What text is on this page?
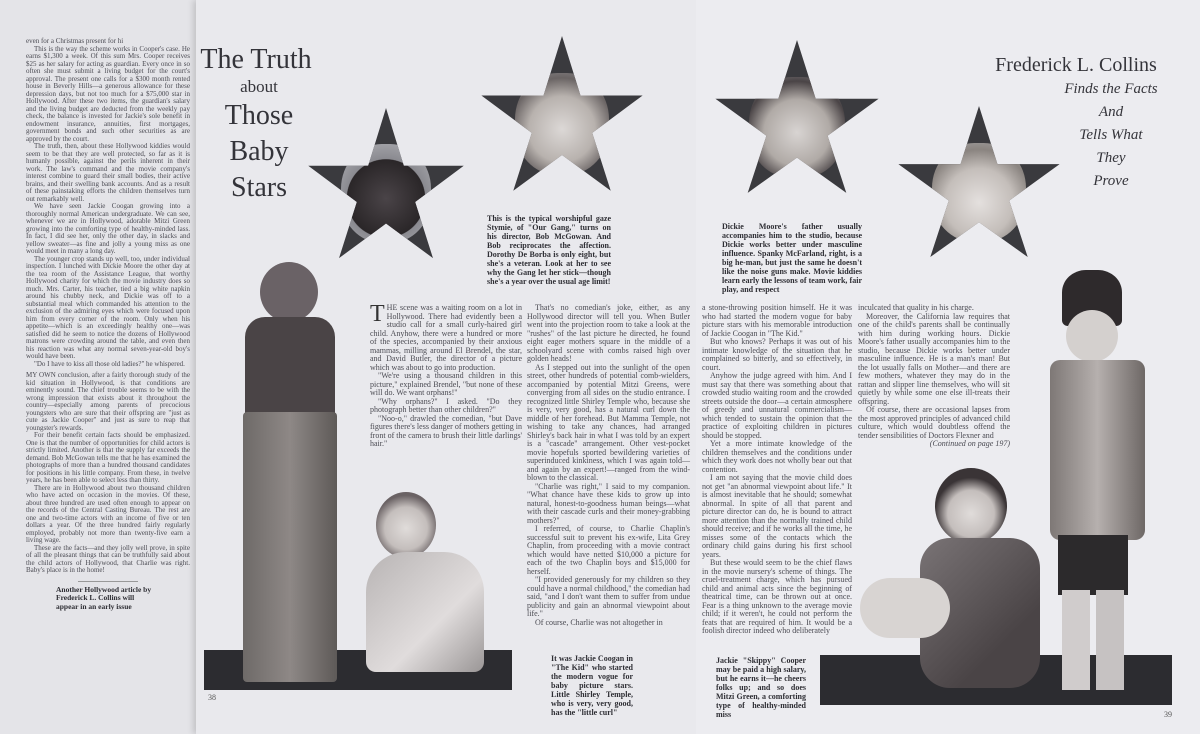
even for a Christmas present for hi

This is the way the scheme works in Cooper's case. He earns $1,300 a week. Of this sum Mrs. Cooper receives $25 as her salary for acting as guardian. Every once in so often she must submit a living budget for the court's approval. The present one calls for a $300 month rented house in Beverly Hills—a generous allowance for these depression days, but not too much for a $75,000 star in Hollywood. After these two items, the guardian's salary and the living budget are deducted from the weekly pay check, the balance is invested for Jackie's sole benefit in endowment insurance, annuities, first mortgages, government bonds and such other securities as are approved by the court.

The truth, then, about these Hollywood kiddies would seem to be that they are well protected, so far as it is humanly possible, against the perils inherent in their work. The law's command and the movie company's interest combine to guard their small bodies, their active brains, and their swelling bank accounts. And as a result of these painstaking efforts the children themselves turn out remarkably well.

We have seen Jackie Coogan growing into a thoroughly normal American undergraduate. We can see, whenever we are in Hollywood, adorable Mitzi Green growing into the comforting type of healthy-minded lass. In fact, I did see her, only the other day, in slacks and yellow sweater—as fine and jolly a young miss as one would meet in many a long day.

The younger crop stands up well, too, under individual inspection. I lunched with Dickie Moore the other day at the tea room of the Assistance League, that worthy Hollywood charity for which the movie industry does so much. Mrs. Carter, his teacher, tied a big white napkin around his chubby neck, and Dickie was off to a substantial meal which commanded his attention to the exclusion of the admiring eyes which were focused upon him from every corner of the room. Only when his appetite—which is an exceedingly healthy one—was satisfied did he seem to notice the dozens of Hollywood matrons were crowding around the table, and even then his reaction was what any normal seven-year-old boy's would have been.

"Do I have to kiss all those old ladies?" he whispered.

MY OWN conclusion, after a fairly thorough study of the kid situation in Hollywood, is that conditions are eminently sound. The chief trouble seems to be with the wrong impression that exists about it throughout the country—especially among parents of precocious youngsters who are sure that their offspring are "just as cute as Jackie Cooper" and just as sure to reap that youngster's rewards.

For their benefit certain facts should be emphasized. One is that the number of opportunities for child actors is strictly limited. Another is that the supply far exceeds the demand. Bob McGowan tells me that he has examined the photographs of more than a hundred thousand candidates for positions in his little company. From these, in twelve years, he has been able to select less than thirty.

There are in Hollywood about two thousand children who have acted on occasion in the movies. Of these, about three hundred are used often enough to appear on the records of the Central Casting Bureau. The rest are one and two-time actors with an income of five or ten dollars a year. Of the three hundred fairly regularly employed, probably not more than twenty-five earn a living wage.

These are the facts—and they jolly well prove, in spite of all the pleasant things that can be truthfully said about the child actors of Hollywood, that Charlie was right. Baby's place is in the home!

Another Hollywood article by Frederick L. Collins will appear in an early issue
The Truth
about
Those
Baby
Stars
This is the typical worshipful gaze Stymie, of "Our Gang," turns on his director, Bob McGowan. And Bob reciprocates the affection. Dorothy De Borba is only eight, but she's a veteran. Look at her to see why the Gang let her stick—though she's a year over the usual age limit!
Dickie Moore's father usually accompanies him to the studio, because Dickie works better under masculine influence. Spanky McFarland, right, is a big he-man, but just the same he doesn't like the noise guns make. Movie kiddies learn early the lessons of team work, fair play, and respect
Frederick L. Collins
Finds the Facts
And
Tells What
They
Prove

THE scene was a waiting room on a lot in Hollywood. There had evidently been a studio call for a small curly-haired girl child. Anyhow, there were a hundred or more of the species, accompanied by their anxious mammas, milling around El Brendel, the star, and David Butler, the director of a picture which was about to go into production.

"We're using a thousand children in this picture," explained Brendel, "but none of these will do. We want orphans!"

"Why orphans?" I asked. "Do they photograph better than other children?"

"Noo-o," drawled the comedian, "but Dave figures there's less danger of mothers getting in front of the camera to brush their little darlings' hair."

That's no comedian's joke, either, as any Hollywood director will tell you. When Butler went into the projection room to take a look at the "rushes" of the last picture he directed, he found eight eager mothers square in the middle of a schoolyard scene with combs raised high over golden heads!

As I stepped out into the sunlight of the open street, other hundreds of potential comb-wielders, accompanied by potential Mitzi Greens, were converging from all sides on the studio entrance. I recognized little Shirley Temple who, because she is very, very good, has a natural curl down the middle of her forehead. But Mamma Temple, not wishing to take any chances, had arranged Shirley's back hair in what I was told by an expert is a "cascade" arrangement. Other vest-pocket movie hopefuls sported bewildering varieties of superinduced kinkiness, which I was again told—and again by an expert!—ranged from the wind-blown to the classical.

"Charlie was right," I said to my companion. "What chance have these kids to grow up into natural, honest-to-goodness human beings—what with their cascade curls and their money-grabbing mothers?"

I referred, of course, to Charlie Chaplin's successful suit to prevent his ex-wife, Lita Grey Chaplin, from proceeding with a movie contract which would have netted $10,000 a picture for each of the two Chaplin boys and $15,000 for herself.

"I provided generously for my children so they could have a normal childhood," the comedian had said, "and I don't want them to suffer from undue publicity and gain an abnormal viewpoint about life."

Of course, Charlie was not altogether in

It was Jackie Coogan in "The Kid" who started the modern vogue for baby picture stars. Little Shirley Temple, who is very, very good, has the "little curl"

a stone-throwing position himself. He it was who had started the modern vogue for baby picture stars with his memorable introduction of Jackie Coogan in "The Kid."

But who knows? Perhaps it was out of his intimate knowledge of the situation that he complained so bitterly, and so effectively, in court.

Anyhow the judge agreed with him. And I must say that there was something about that crowded studio waiting room and the crowded streets outside the door—a certain atmosphere of greedy and unnatural commercialism—which tended to sustain the opinion that the practice of exploiting children in pictures should be stopped.

Yet a more intimate knowledge of the children themselves and the conditions under which they work does not wholly bear out that contention.

I am not saying that the movie child does not get "an abnormal viewpoint about life." It is almost inevitable that he should; somewhat abnormal. In spite of all that parent and picture director can do, he is bound to attract more attention than the normally trained child should receive; and if he works all the time, he misses some of the contacts which the ordinary child gains during his first school years.

But these would seem to be the chief flaws in the movie nursery's scheme of things. The cruel-treatment charge, which has pursued child and animal acts since the beginning of theatrical time, can be thrown out at once. Fear is a thing unknown to the average movie child; if it weren't, he could not perform the feats that are required of him. It would be a foolish director indeed who deliberately

inculcated that quality in his charge.

Moreover, the California law requires that one of the child's parents shall be continually with him during working hours. Dickie Moore's father usually accompanies him to the studio, because Dickie works better under masculine influence. He is a man's man! But the lot usually falls on Mother—and there are few mothers, whatever they may do in the rattan and slipper line themselves, who will sit quietly by while some one else ill-treats their offspring.

Of course, there are occasional lapses from the most approved principles of advanced child culture, which would doubtless offend the tender sensibilities of Doctors Flexner and
(Continued on page 197)

Jackie "Skippy" Cooper may be paid a high salary, but he earns it—he cheers folks up; and so does Mitzi Green, a comforting type of healthy-minded miss
38
39
